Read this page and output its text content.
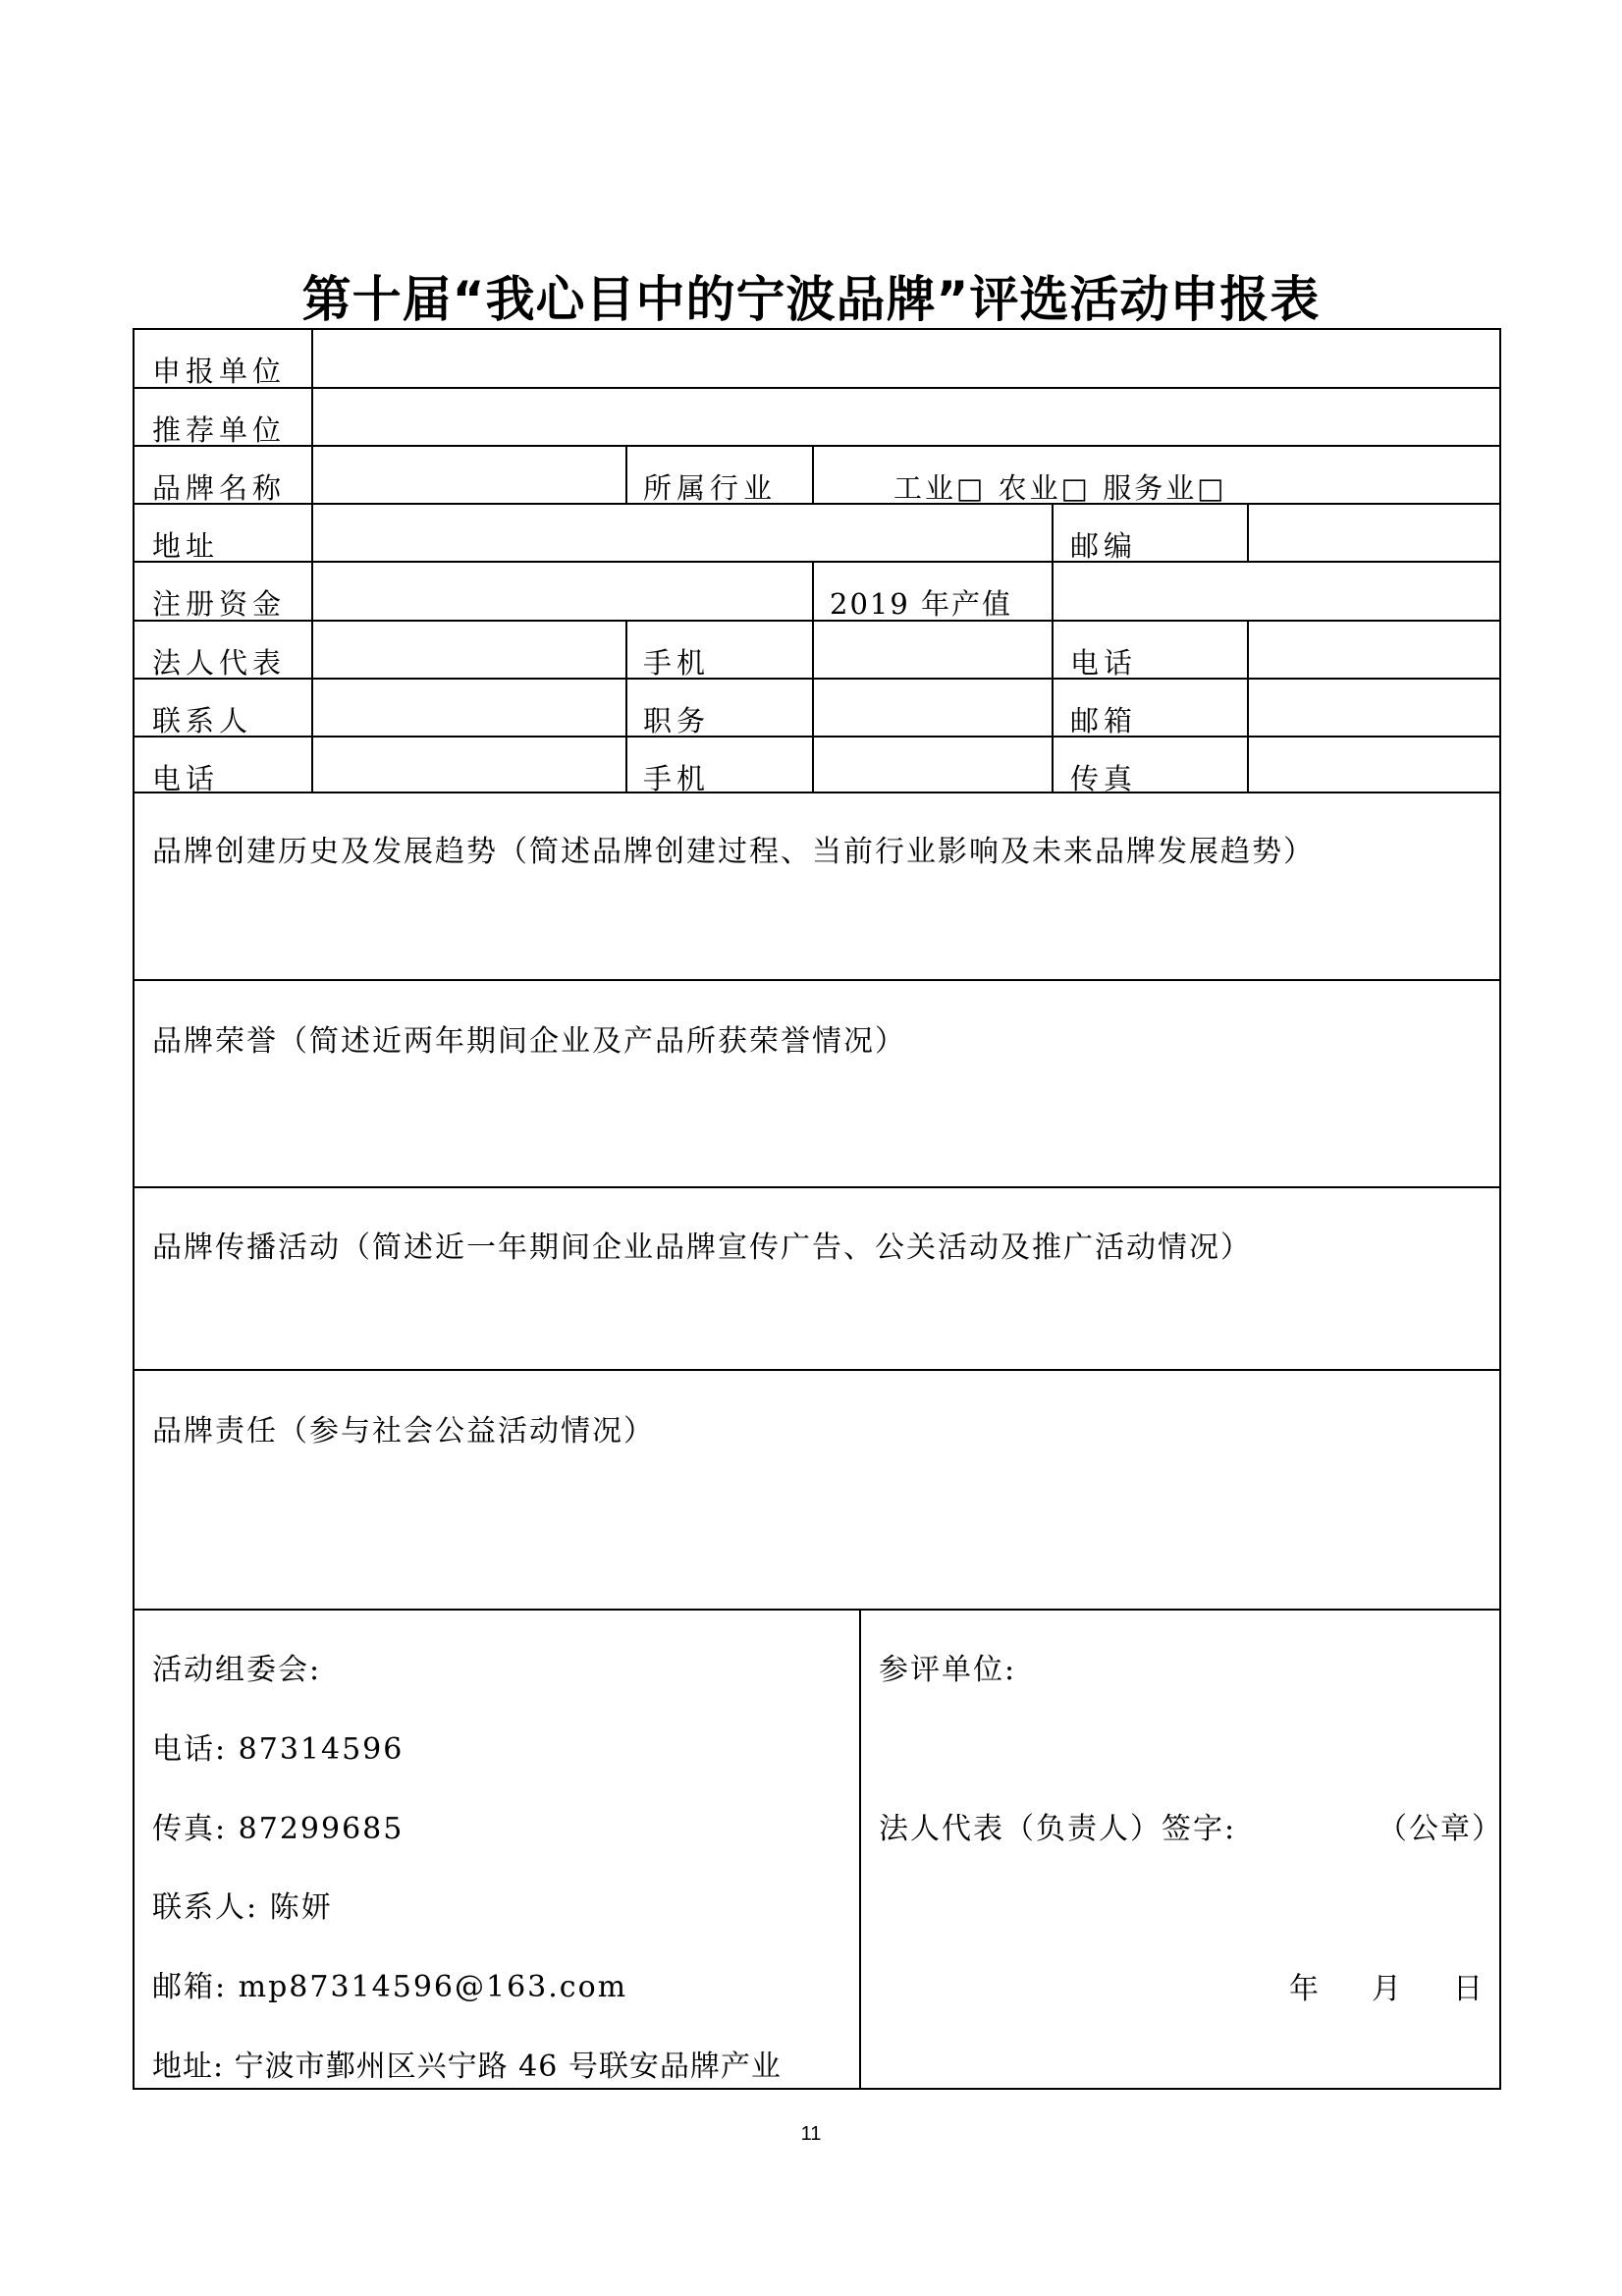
第十届“我心目中的宁波品牌”评选活动申报表
申报单位
推荐单位
品牌名称	所属行业	工业□ 农业□ 服务业□
地址	邮编
注册资金	2019 年产值
法人代表	手机	电话
联系人	职务	邮箱
电话	手机	传真
品牌创建历史及发展趋势（简述品牌创建过程、当前行业影响及未来品牌发展趋势）
品牌荣誉（简述近两年期间企业及产品所获荣誉情况）
品牌传播活动（简述近一年期间企业品牌宣传广告、公关活动及推广活动情况）
品牌责任（参与社会公益活动情况）
活动组委会:
电话: 87314596
传真: 87299685
联系人: 陈妍
邮箱: mp87314596@163.com
地址: 宁波市鄞州区兴宁路 46 号联安品牌产业
参评单位:
法人代表（负责人）签字:	（公章）
年 月 日
11
